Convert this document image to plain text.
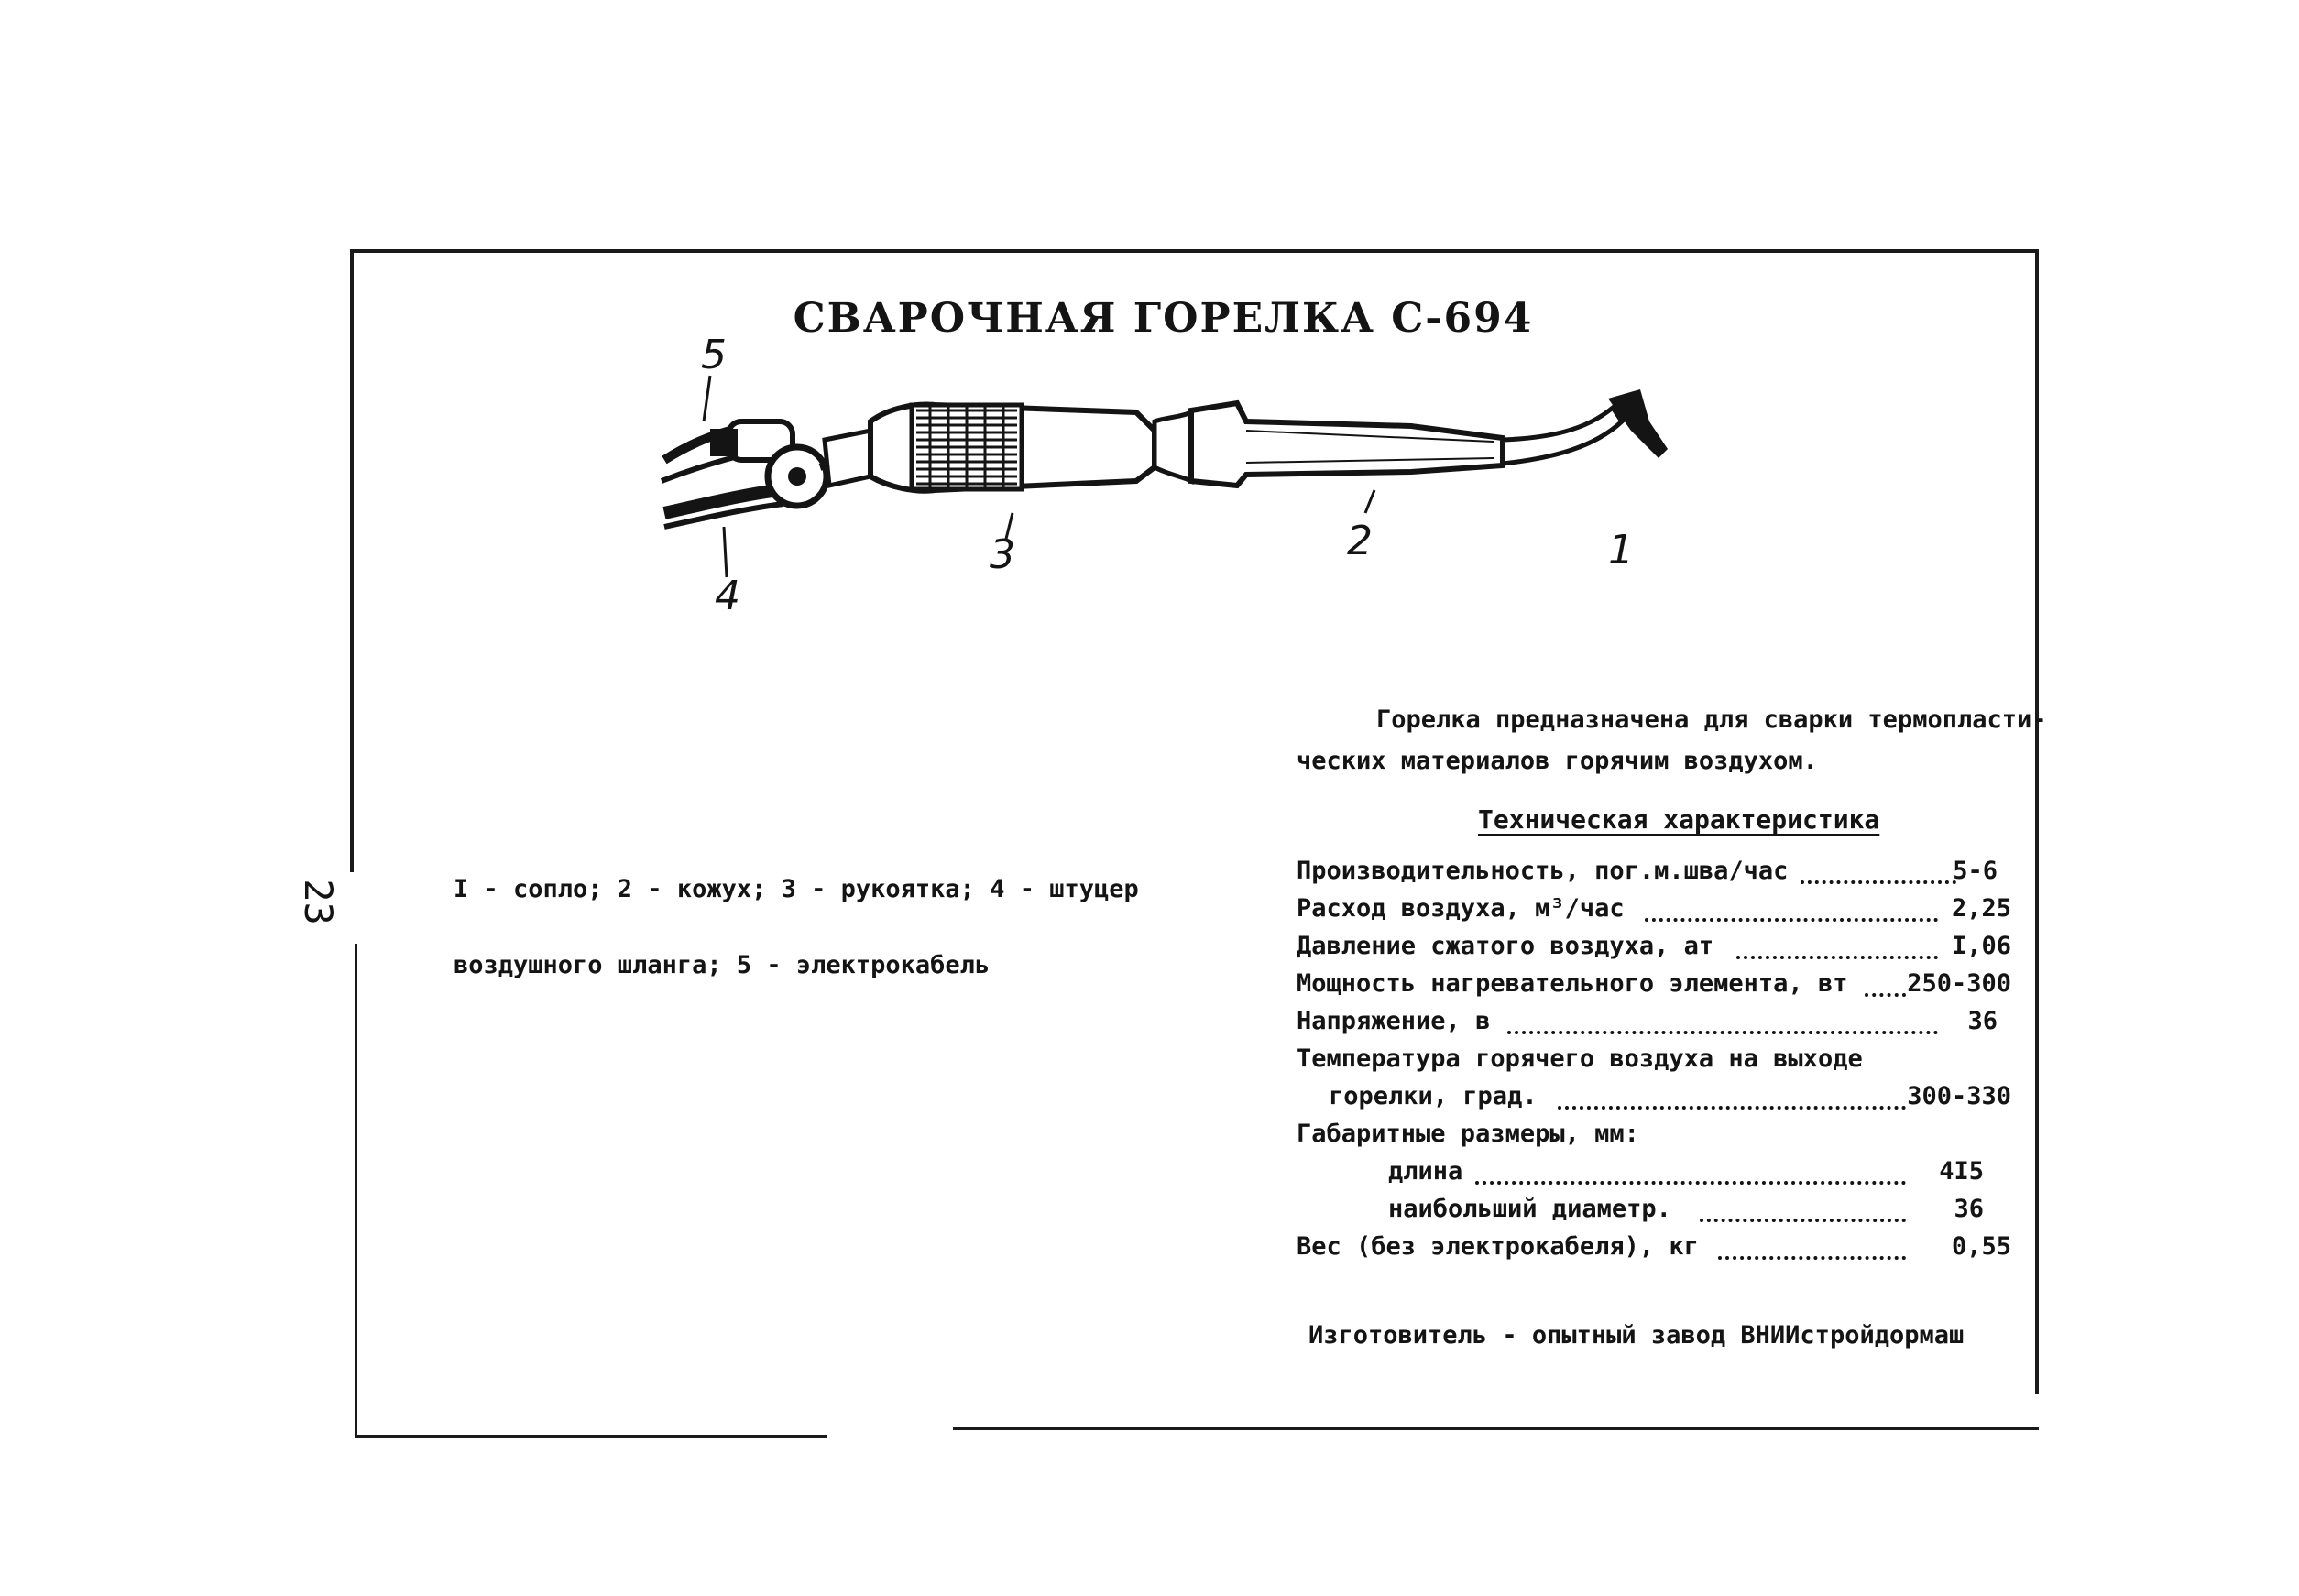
СВАРОЧНАЯ ГОРЕЛКА С-694
23
5
4
3	2	1
I - сопло; 2 - кожух; 3 - рукоятка; 4 - штуцер
воздушного шланга; 5 - электрокабель
Горелка предназначена для сварки термопласти-
ческих материалов горячим воздухом.
Техническая характеристика
Производительность, пог.м.шва/час	5-6
Расход воздуха, м³/час	2,25
Давление сжатого воздуха, ат	I,06
Мощность нагревательного элемента, вт 250-300
Напряжение, в	36
Температура горячего воздуха на выходе
горелки, град.	300-330
Габаритные размеры, мм:
длина	4I5
наибольший диаметр.	36
Вес (без электрокабеля), кг	0,55
Изготовитель - опытный завод ВНИИстройдормаш
